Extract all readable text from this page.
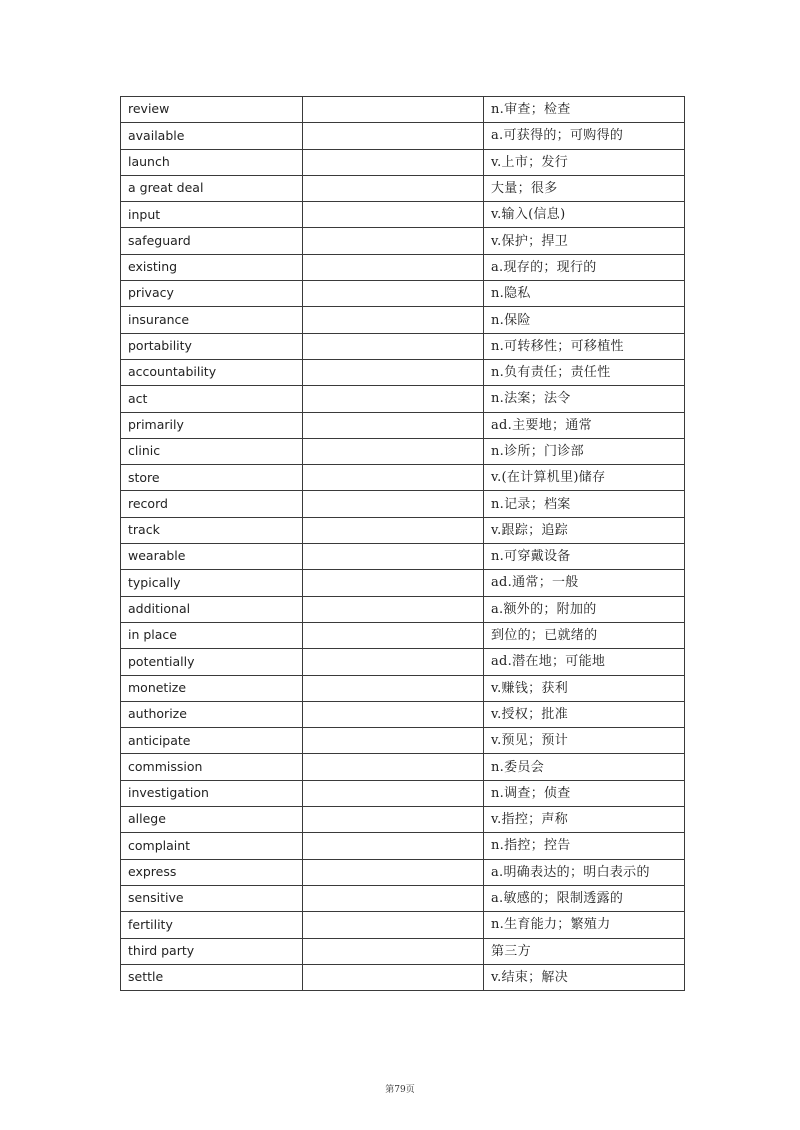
review		n.审查；检查
available		a.可获得的；可购得的
launch		v.上市；发行
a great deal		大量；很多
input		v.输入(信息)
safeguard		v.保护；捍卫
existing		a.现存的；现行的
privacy		n.隐私
insurance		n.保险
portability		n.可转移性；可移植性
accountability		n.负有责任；责任性
act		n.法案；法令
primarily		ad.主要地；通常
clinic		n.诊所；门诊部
store		v.(在计算机里)储存
record		n.记录；档案
track		v.跟踪；追踪
wearable		n.可穿戴设备
typically		ad.通常；一般
additional		a.额外的；附加的
in place		到位的；已就绪的
potentially		ad.潜在地；可能地
monetize		v.赚钱；获利
authorize		v.授权；批准
anticipate		v.预见；预计
commission		n.委员会
investigation		n.调查；侦查
allege		v.指控；声称
complaint		n.指控；控告
express		a.明确表达的；明白表示的
sensitive		a.敏感的；限制透露的
fertility		n.生育能力；繁殖力
third party		第三方
settle		v.结束；解决
第79页
